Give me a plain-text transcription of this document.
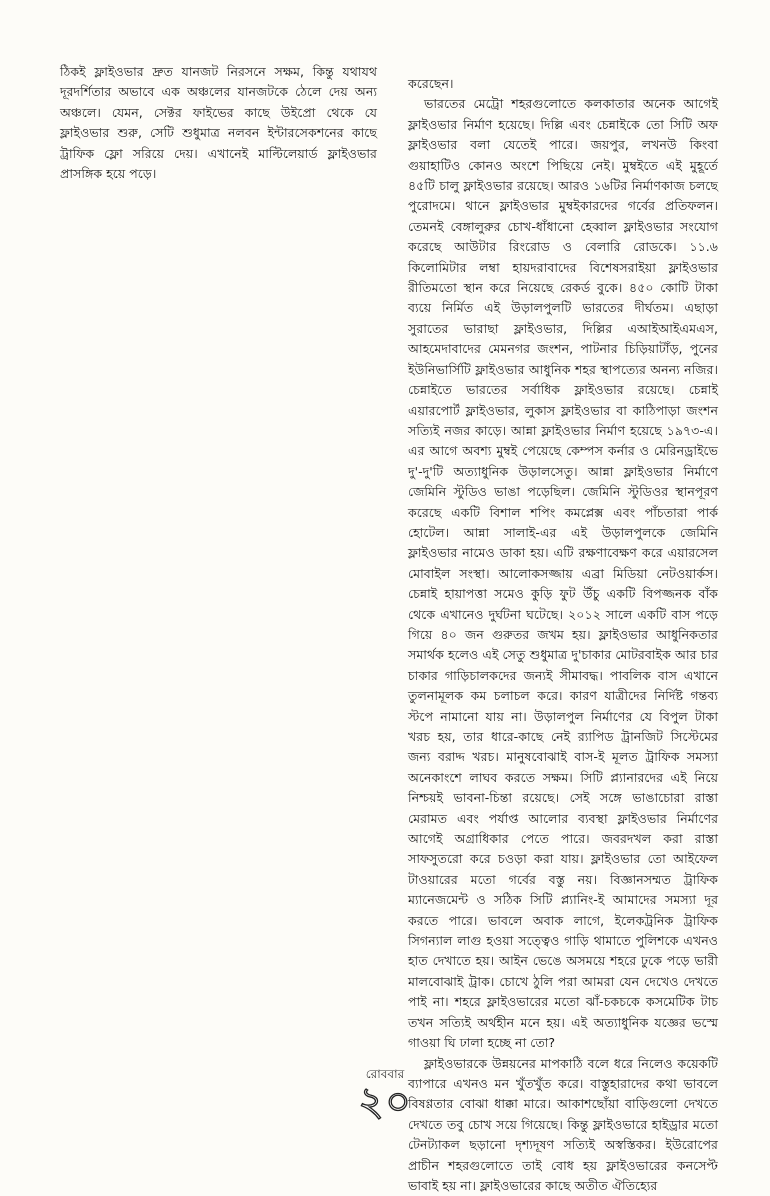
ঠিকই ফ্লাইওভার দ্রুত যানজট নিরসনে সক্ষম, কিন্তু যথাযথ দূরদর্শিতার অভাবে এক অঞ্চলের যানজটকে ঠেলে দেয় অন্য অঞ্চলে। যেমন, সেক্টর ফাইভের কাছে উইপ্রো থেকে যে ফ্লাইওভার শুরু, সেটি শুধুমাত্র নলবন ইন্টারসেকশনের কাছে ট্রাফিক ফ্লো সরিয়ে দেয়। এখানেই মাল্টিলেয়ার্ড ফ্লাইওভার প্রাসঙ্গিক হয়ে পড়ে।

করেছেন।

ভারতের মেট্রো শহরগুলোতে কলকাতার অনেক আগেই ফ্লাইওভার নির্মাণ হয়েছে। দিল্লি এবং চেন্নাইকে তো সিটি অফ ফ্লাইওভার বলা যেতেই পারে। জয়পুর, লখনউ কিংবা গুয়াহাটিও কোনও অংশে পিছিয়ে নেই। মুম্বইতে এই মুহূর্তে ৪৫টি চালু ফ্লাইওভার রয়েছে। আরও ১৬টির নির্মাণকাজ চলছে পুরোদমে। থানে ফ্লাইওভার মুম্বইকারদের গর্বের প্রতিফলন। তেমনই বেঙ্গালুরুর চোখ-ধাঁধানো হেব্বাল ফ্লাইওভার সংযোগ করেছে আউটার রিংরোড ও বেলারি রোডকে। ১১.৬ কিলোমিটার লম্বা হায়দরাবাদের বিশেষসরাইয়া ফ্লাইওভার রীতিমতো স্থান করে নিয়েছে রেকর্ড বুকে। ৪৫০ কোটি টাকা ব্যয়ে নির্মিত এই উড়ালপুলটি ভারতের দীর্ঘতম। এছাড়া সুরাতের ভারাছা ফ্লাইওভার, দিল্লির এআইআইএমএস, আহমেদাবাদের মেমনগর জংশন, পাটনার চিড়িয়াটাঁড়, পুনের ইউনিভার্সিটি ফ্লাইওভার আধুনিক শহর স্থাপত্যের অনন্য নজির। চেন্নাইতে ভারতের সর্বাধিক ফ্লাইওভার রয়েছে। চেন্নাই এয়ারপোর্ট ফ্লাইওভার, লুকাস ফ্লাইওভার বা কাঠিপাড়া জংশন সত্যিই নজর কাড়ে। আন্না ফ্লাইওভার নির্মাণ হয়েছে ১৯৭৩-এ। এর আগে অবশ্য মুম্বই পেয়েছে কেম্পস কর্নার ও মেরিনড্রাইভে দু'-দু'টি অত্যাধুনিক উড়ালসেতু। আন্না ফ্লাইওভার নির্মাণে জেমিনি স্টুডিও ভাঙা পড়েছিল। জেমিনি স্টুডিওর স্থানপূরণ করেছে একটি বিশাল শপিং কমপ্লেক্স এবং পাঁচতারা পার্ক হোটেল। আন্না সালাই-এর এই উড়ালপুলকে জেমিনি ফ্লাইওভার নামেও ডাকা হয়। এটি রক্ষণাবেক্ষণ করে এয়ারসেল মোবাইল সংস্থা। আলোকসজ্জায় এব্রা মিডিয়া নেটওয়ার্কস। চেন্নাই হায়াপত্তা সমেও কুড়ি ফুট উঁচু একটি বিপজ্জনক বাঁক থেকে এখানেও দুর্ঘটনা ঘটেছে। ২০১২ সালে একটি বাস পড়ে গিয়ে ৪০ জন গুরুতর জখম হয়। ফ্লাইওভার আধুনিকতার সমার্থক হলেও এই সেতু শুধুমাত্র দু'চাকার মোটরবাইক আর চার চাকার গাড়িচালকদের জন্যই সীমাবদ্ধ। পাবলিক বাস এখানে তুলনামূলক কম চলাচল করে। কারণ যাত্রীদের নির্দিষ্ট গন্তব্য স্টপে নামানো যায় না। উড়ালপুল নির্মাণের যে বিপুল টাকা খরচ হয়, তার ধারে-কাছে নেই র‍্যাপিড ট্রানজিট সিস্টেমের জন্য বরাদ্দ খরচ। মানুষবোঝাই বাস-ই মূলত ট্রাফিক সমস্যা অনেকাংশে লাঘব করতে সক্ষম। সিটি প্ল্যানারদের এই নিয়ে নিশ্চয়ই ভাবনা-চিন্তা রয়েছে। সেই সঙ্গে ভাঙাচোরা রাস্তা মেরামত এবং পর্যাপ্ত আলোর ব্যবস্থা ফ্লাইওভার নির্মাণের আগেই অগ্রাধিকার পেতে পারে। জবরদখল করা রাস্তা সাফসুতরো করে চওড়া করা যায়। ফ্লাইওভার তো আইফেল টাওয়ারের মতো গর্বের বস্তু নয়। বিজ্ঞানসম্মত ট্রাফিক ম্যানেজমেন্ট ও সঠিক সিটি প্ল্যানিং-ই আমাদের সমস্যা দূর করতে পারে। ভাবলে অবাক লাগে, ইলেকট্রনিক ট্রাফিক সিগন্যাল লাগু হওয়া সত্ত্বেও গাড়ি থামাতে পুলিশকে এখনও হাত দেখাতে হয়। আইন ভেঙে অসময়ে শহরে ঢুকে পড়ে ভারী মালবোঝাই ট্রাক। চোখে ঠুলি পরা আমরা যেন দেখেও দেখতে পাই না। শহরে ফ্লাইওভারের মতো ঝাঁ-চকচকে কসমেটিক টাচ তখন সত্যিই অর্থহীন মনে হয়। এই অত্যাধুনিক যজ্ঞের ভস্মে গাওয়া ঘি ঢালা হচ্ছে না তো?

ফ্লাইওভারকে উন্নয়নের মাপকাঠি বলে ধরে নিলেও কয়েকটি ব্যাপারে এখনও মন খুঁতখুঁত করে। বাস্তুহারাদের কথা ভাবলে বিষণ্ণতার বোঝা ধাক্কা মারে। আকাশছোঁয়া বাড়িগুলো দেখতে দেখতে তবু চোখ সয়ে গিয়েছে। কিন্তু ফ্লাইওভারে হাইড্রার মতো টেনট্যাকল ছড়ানো দৃশ্যদূষণ সত্যিই অস্বস্তিকর। ইউরোপের প্রাচীন শহরগুলোতে তাই বোধ হয় ফ্লাইওভারের কনসেপ্ট ভাবাই হয় না। ফ্লাইওভারের কাছে অতীত ঐতিহ্যের

রোববার
২০
